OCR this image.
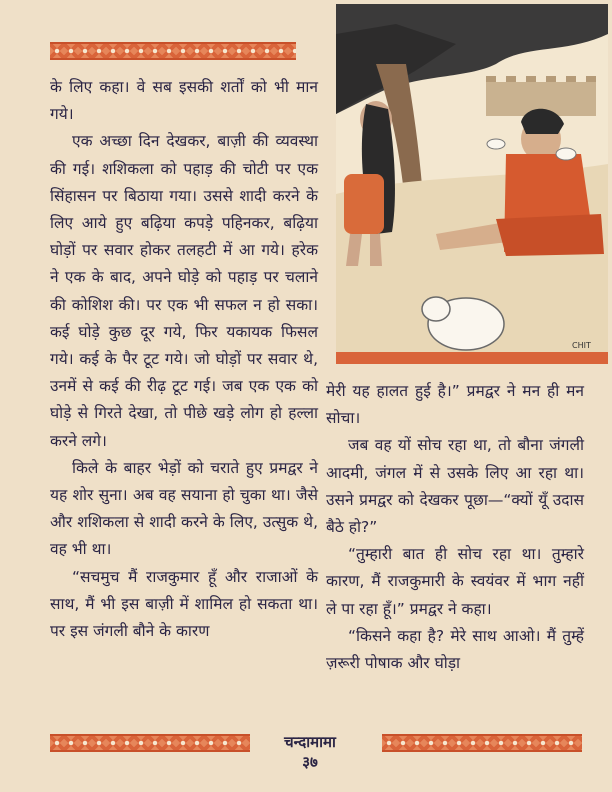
के लिए कहा। वे सब इसकी शर्तों को भी मान गये।

एक अच्छा दिन देखकर, बाज़ी की व्यवस्था की गई। शशिकला को पहाड़ की चोटी पर एक सिंहासन पर बिठाया गया। उससे शादी करने के लिए आये हुए बढ़िया कपड़े पहिनकर, बढ़िया घोड़ों पर सवार होकर तलहटी में आ गये। हरेक ने एक के बाद, अपने घोड़े को पहाड़ पर चलाने की कोशिश की। पर एक भी सफल न हो सका। कई घोड़े कुछ दूर गये, फिर यकायक फिसल गये। कई के पैर टूट गये। जो घोड़ों पर सवार थे, उनमें से कई की रीढ़ टूट गई। जब एक एक को घोड़े से गिरते देखा, तो पीछे खड़े लोग हो हल्ला करने लगे।

किले के बाहर भेड़ों को चराते हुए प्रमद्वर ने यह शोर सुना। अब वह सयाना हो चुका था। जैसे और शशिकला से शादी करने के लिए, उत्सुक थे, वह भी था।

“सचमुच मैं राजकुमार हूँ और राजाओं के साथ, मैं भी इस बाज़ी में शामिल हो सकता था। पर इस जंगली बौने के कारण

CHIT

मेरी यह हालत हुई है।” प्रमद्वर ने मन ही मन सोचा।

जब वह यों सोच रहा था, तो बौना जंगली आदमी, जंगल में से उसके लिए आ रहा था। उसने प्रमद्वर को देखकर पूछा—“क्यों यूँ उदास बैठे हो?”

“तुम्हारी बात ही सोच रहा था। तुम्हारे कारण, मैं राजकुमारी के स्वयंवर में भाग नहीं ले पा रहा हूँ।” प्रमद्वर ने कहा।

“किसने कहा है? मेरे साथ आओ। मैं तुम्हें ज़रूरी पोषाक और घोड़ा

चन्दामामा
३७
